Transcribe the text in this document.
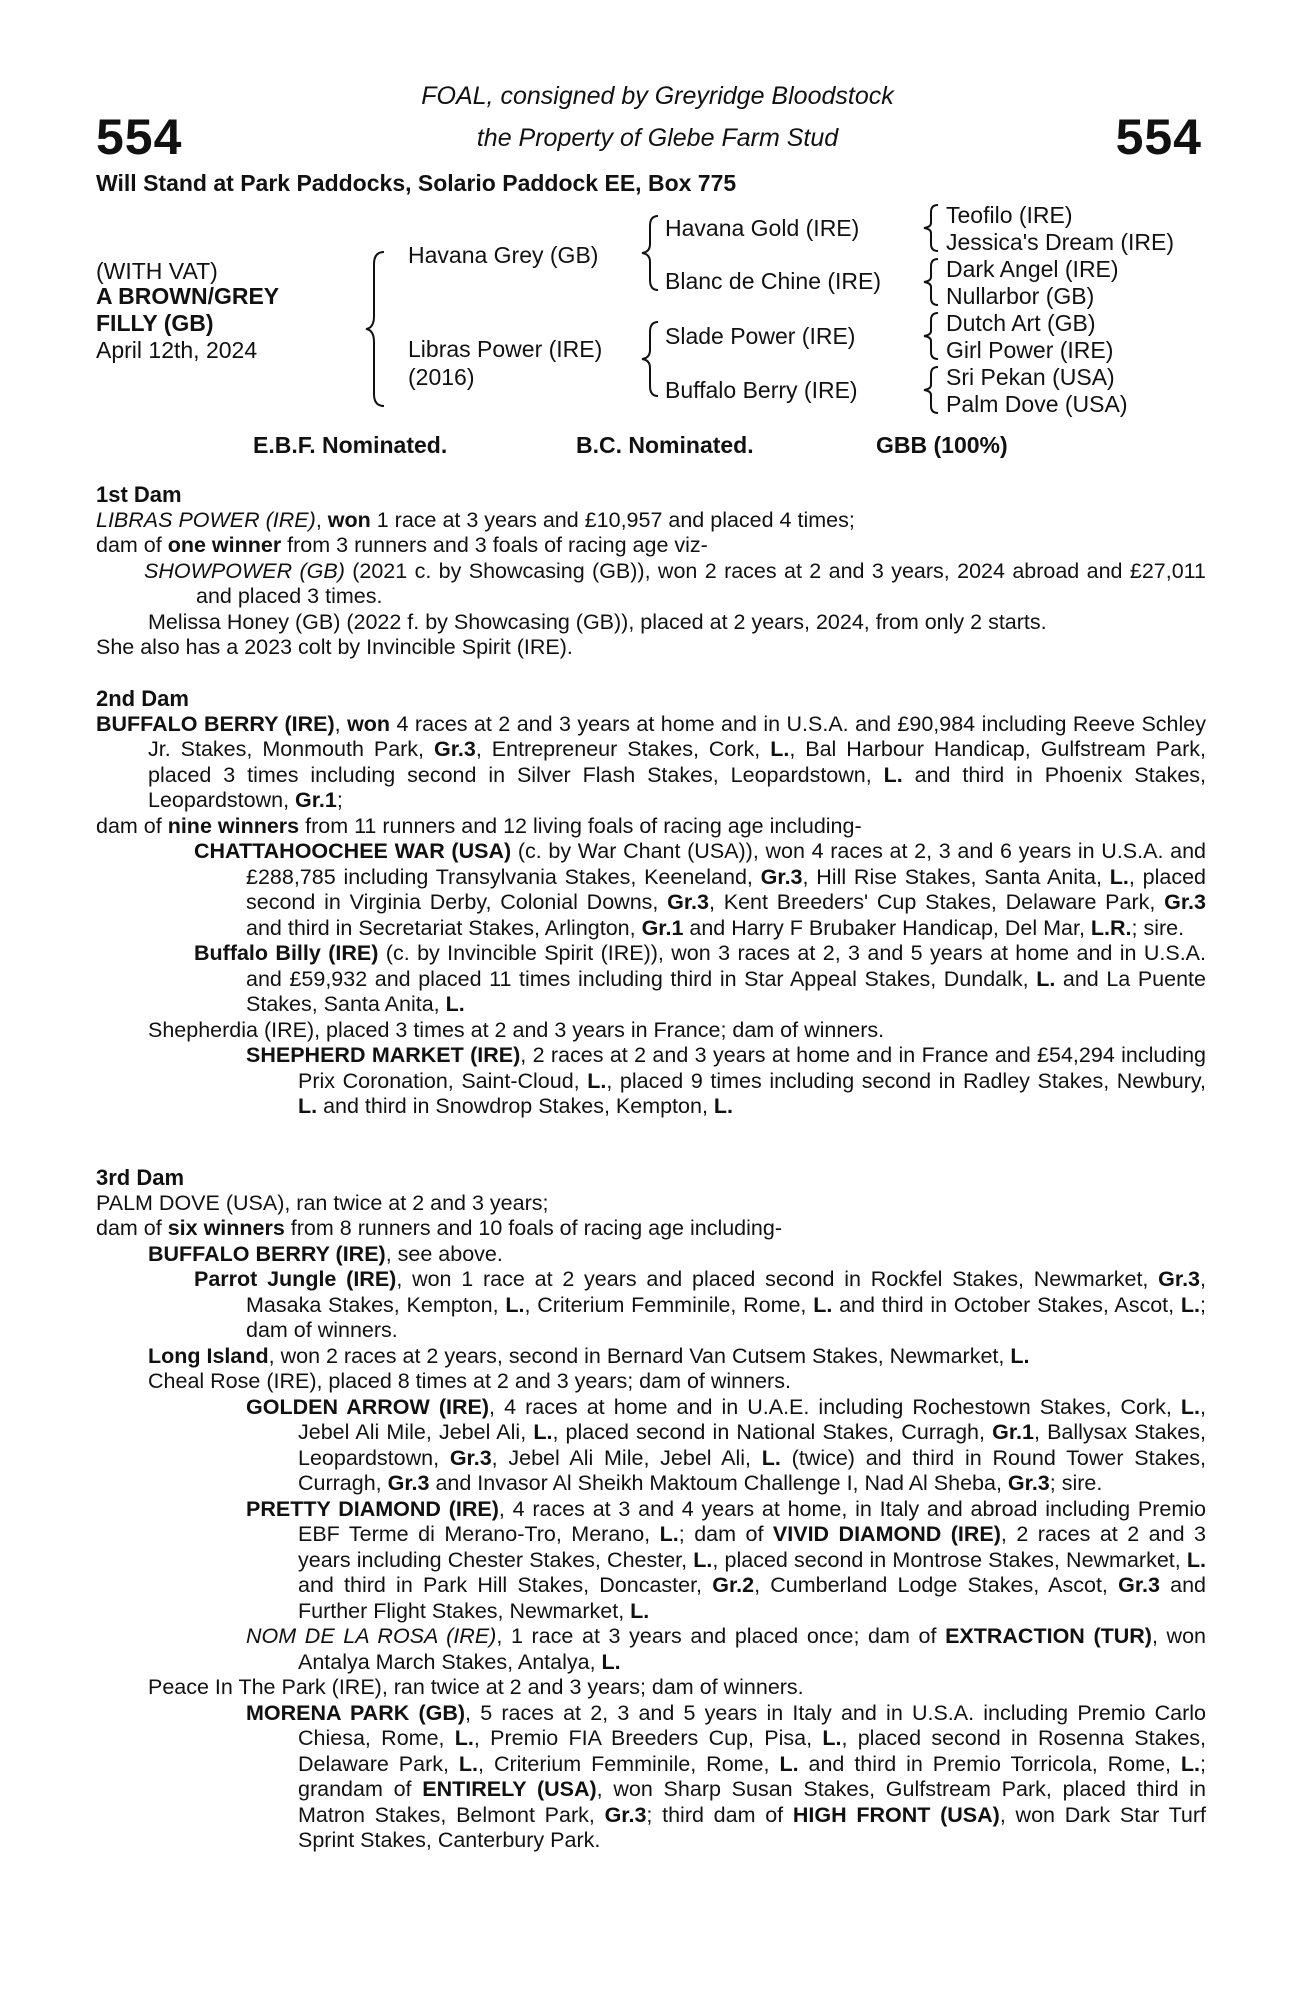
554	554
FOAL, consigned by Greyridge Bloodstock
the Property of Glebe Farm Stud
Will Stand at Park Paddocks, Solario Paddock EE, Box 775
(WITH VAT)
A BROWN/GREY
FILLY (GB)
April 12th, 2024
Havana Grey (GB)
Libras Power (IRE)
(2016)
Havana Gold (IRE)
Blanc de Chine (IRE)
Slade Power (IRE)
Buffalo Berry (IRE)
Teofilo (IRE)
Jessica's Dream (IRE)
Dark Angel (IRE)
Nullarbor (GB)
Dutch Art (GB)
Girl Power (IRE)
Sri Pekan (USA)
Palm Dove (USA)
E.B.F. Nominated.	B.C. Nominated.	GBB (100%)
1st Dam

LIBRAS POWER (IRE), won 1 race at 3 years and £10,957 and placed 4 times;

dam of one winner from 3 runners and 3 foals of racing age viz-

SHOWPOWER (GB) (2021 c. by Showcasing (GB)), won 2 races at 2 and 3 years, 2024 abroad and £27,011 and placed 3 times.

Melissa Honey (GB) (2022 f. by Showcasing (GB)), placed at 2 years, 2024, from only 2 starts.

She also has a 2023 colt by Invincible Spirit (IRE).

2nd Dam

BUFFALO BERRY (IRE), won 4 races at 2 and 3 years at home and in U.S.A. and £90,984 including Reeve Schley Jr. Stakes, Monmouth Park, Gr.3, Entrepreneur Stakes, Cork, L., Bal Harbour Handicap, Gulfstream Park, placed 3 times including second in Silver Flash Stakes, Leopardstown, L. and third in Phoenix Stakes, Leopardstown, Gr.1;

dam of nine winners from 11 runners and 12 living foals of racing age including-

CHATTAHOOCHEE WAR (USA) (c. by War Chant (USA)), won 4 races at 2, 3 and 6 years in U.S.A. and £288,785 including Transylvania Stakes, Keeneland, Gr.3, Hill Rise Stakes, Santa Anita, L., placed second in Virginia Derby, Colonial Downs, Gr.3, Kent Breeders' Cup Stakes, Delaware Park, Gr.3 and third in Secretariat Stakes, Arlington, Gr.1 and Harry F Brubaker Handicap, Del Mar, L.R.; sire.

Buffalo Billy (IRE) (c. by Invincible Spirit (IRE)), won 3 races at 2, 3 and 5 years at home and in U.S.A. and £59,932 and placed 11 times including third in Star Appeal Stakes, Dundalk, L. and La Puente Stakes, Santa Anita, L.

Shepherdia (IRE), placed 3 times at 2 and 3 years in France; dam of winners.

SHEPHERD MARKET (IRE), 2 races at 2 and 3 years at home and in France and £54,294 including Prix Coronation, Saint-Cloud, L., placed 9 times including second in Radley Stakes, Newbury, L. and third in Snowdrop Stakes, Kempton, L.

3rd Dam

PALM DOVE (USA), ran twice at 2 and 3 years;

dam of six winners from 8 runners and 10 foals of racing age including-

BUFFALO BERRY (IRE), see above.

Parrot Jungle (IRE), won 1 race at 2 years and placed second in Rockfel Stakes, Newmarket, Gr.3, Masaka Stakes, Kempton, L., Criterium Femminile, Rome, L. and third in October Stakes, Ascot, L.; dam of winners.

Long Island, won 2 races at 2 years, second in Bernard Van Cutsem Stakes, Newmarket, L.

Cheal Rose (IRE), placed 8 times at 2 and 3 years; dam of winners.

GOLDEN ARROW (IRE), 4 races at home and in U.A.E. including Rochestown Stakes, Cork, L., Jebel Ali Mile, Jebel Ali, L., placed second in National Stakes, Curragh, Gr.1, Ballysax Stakes, Leopardstown, Gr.3, Jebel Ali Mile, Jebel Ali, L. (twice) and third in Round Tower Stakes, Curragh, Gr.3 and Invasor Al Sheikh Maktoum Challenge I, Nad Al Sheba, Gr.3; sire.

PRETTY DIAMOND (IRE), 4 races at 3 and 4 years at home, in Italy and abroad including Premio EBF Terme di Merano-Tro, Merano, L.; dam of VIVID DIAMOND (IRE), 2 races at 2 and 3 years including Chester Stakes, Chester, L., placed second in Montrose Stakes, Newmarket, L. and third in Park Hill Stakes, Doncaster, Gr.2, Cumberland Lodge Stakes, Ascot, Gr.3 and Further Flight Stakes, Newmarket, L.

NOM DE LA ROSA (IRE), 1 race at 3 years and placed once; dam of EXTRACTION (TUR), won Antalya March Stakes, Antalya, L.

Peace In The Park (IRE), ran twice at 2 and 3 years; dam of winners.

MORENA PARK (GB), 5 races at 2, 3 and 5 years in Italy and in U.S.A. including Premio Carlo Chiesa, Rome, L., Premio FIA Breeders Cup, Pisa, L., placed second in Rosenna Stakes, Delaware Park, L., Criterium Femminile, Rome, L. and third in Premio Torricola, Rome, L.; grandam of ENTIRELY (USA), won Sharp Susan Stakes, Gulfstream Park, placed third in Matron Stakes, Belmont Park, Gr.3; third dam of HIGH FRONT (USA), won Dark Star Turf Sprint Stakes, Canterbury Park.
